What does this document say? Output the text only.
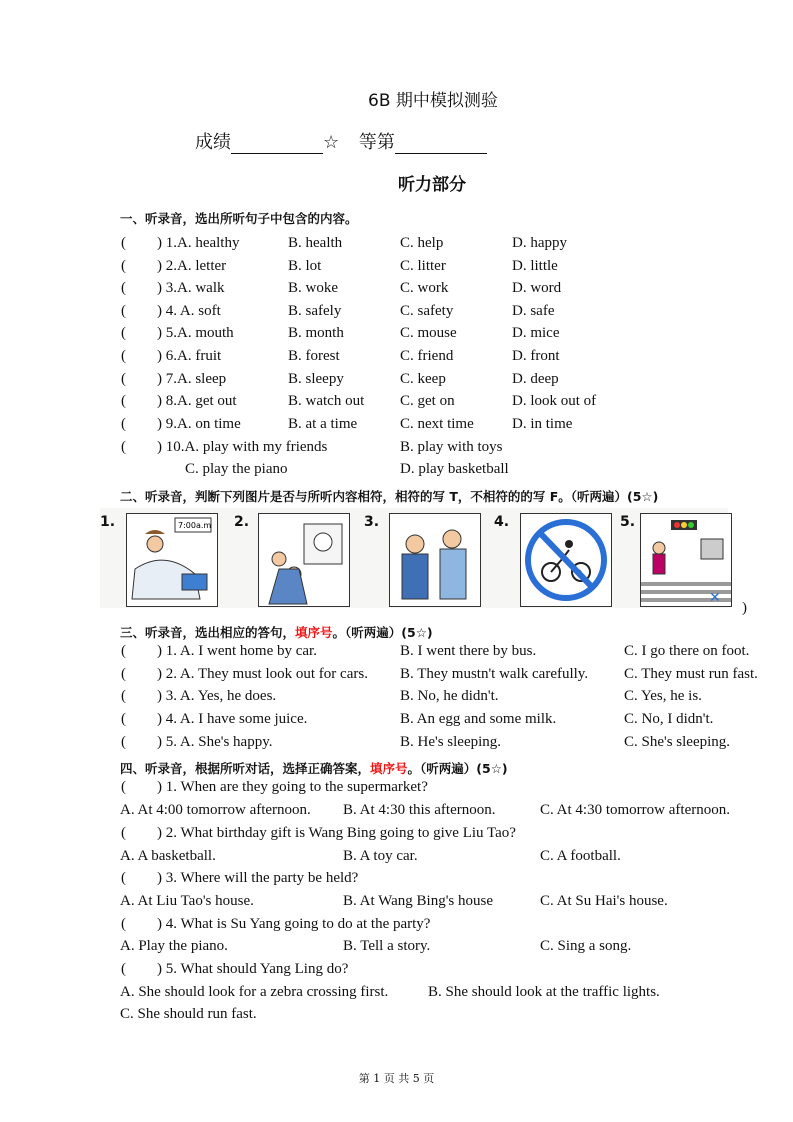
6B 期中模拟测验
成绩	☆ 等第
听力部分
一、听录音，选出所听句子中包含的内容。
( ) 1.A. healthy	B. health	C. help	D. happy
( ) 2.A. letter	B. lot	C. litter	D. little
( ) 3.A. walk	B. woke	C. work	D. word
( ) 4. A. soft	B. safely	C. safety	D. safe
( ) 5.A. mouth	B. month	C. mouse	D. mice
( ) 6.A. fruit	B. forest	C. friend	D. front
( ) 7.A. sleep	B. sleepy	C. keep	D. deep
( ) 8.A. get out	B. watch out C. get on	D. look out of
( ) 9.A. on time	B. at a time	C. next time	D. in time
( ) 10.A. play with my friends	B. play with toys
C. play the piano	D. play basketball
二、听录音，判断下列图片是否与所听内容相符，相符的写 T，不相符的的写 F。（听两遍）(5☆)
1.	7:00a.m 2.	3.	4.	5.
✕
)
三、听录音，选出相应的答句，填序号。（听两遍）(5☆)
( ) 1. A. I went home by car.	B. I went there by bus.	C. I go there on foot.
( ) 2. A. They must look out for cars. B. They mustn't walk carefully. C. They must run fast.
( ) 3. A. Yes, he does.	B. No, he didn't.	C. Yes, he is.
( ) 4. A. I have some juice.	B. An egg and some milk.	C. No, I didn't.
( ) 5. A. She's happy.	B. He's sleeping.	C. She's sleeping.
四、听录音，根据所听对话，选择正确答案，填序号。（听两遍）(5☆)
( ) 1. When are they going to the supermarket?
A. At 4:00 tomorrow afternoon. B. At 4:30 this afternoon.	C. At 4:30 tomorrow afternoon.
( ) 2. What birthday gift is Wang Bing going to give Liu Tao?
A. A basketball.	B. A toy car.	C. A football.
( ) 3. Where will the party be held?
A. At Liu Tao's house.	B. At Wang Bing's house	C. At Su Hai's house.
( ) 4. What is Su Yang going to do at the party?
A. Play the piano.	B. Tell a story.	C. Sing a song.
( ) 5. What should Yang Ling do?
A. She should look for a zebra crossing first.	B. She should look at the traffic lights.
C. She should run fast.
第 1 页 共 5 页
